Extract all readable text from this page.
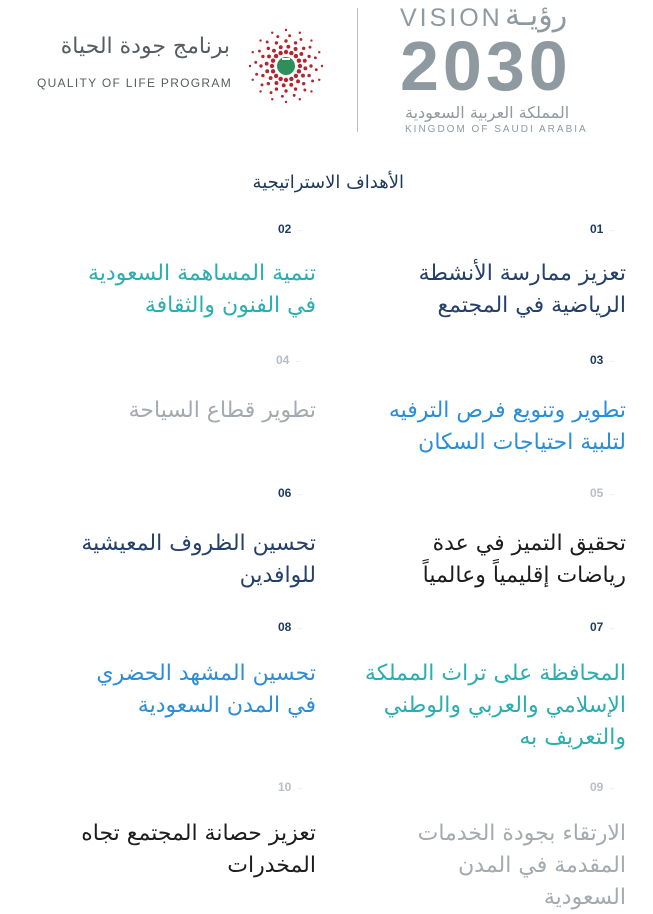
VISION رؤيـة
2030
المملكة العربية السعودية
KINGDOM OF SAUDI ARABIA
برنامج جودة الحياة
QUALITY OF LIFE PROGRAM
الأهداف الاستراتيجية
01 ..
تعزيز ممارسة الأنشطة الرياضية في المجتمع
02 ..
تنمية المساهمة السعودية في الفنون والثقافة
03 ..
تطوير وتنويع فرص الترفيه لتلبية احتياجات السكان
04 ..
تطوير قطاع السياحة
05 ..
تحقيق التميز في عدة رياضات إقليمياً وعالمياً
06 ..
تحسين الظروف المعيشية للوافدين
07 ..
المحافظة على تراث المملكة الإسلامي والعربي والوطني والتعريف به
08 ..
تحسين المشهد الحضري في المدن السعودية
09 ..
الارتقاء بجودة الخدمات المقدمة في المدن السعودية
10 ..
تعزيز حصانة المجتمع تجاه المخدرات
